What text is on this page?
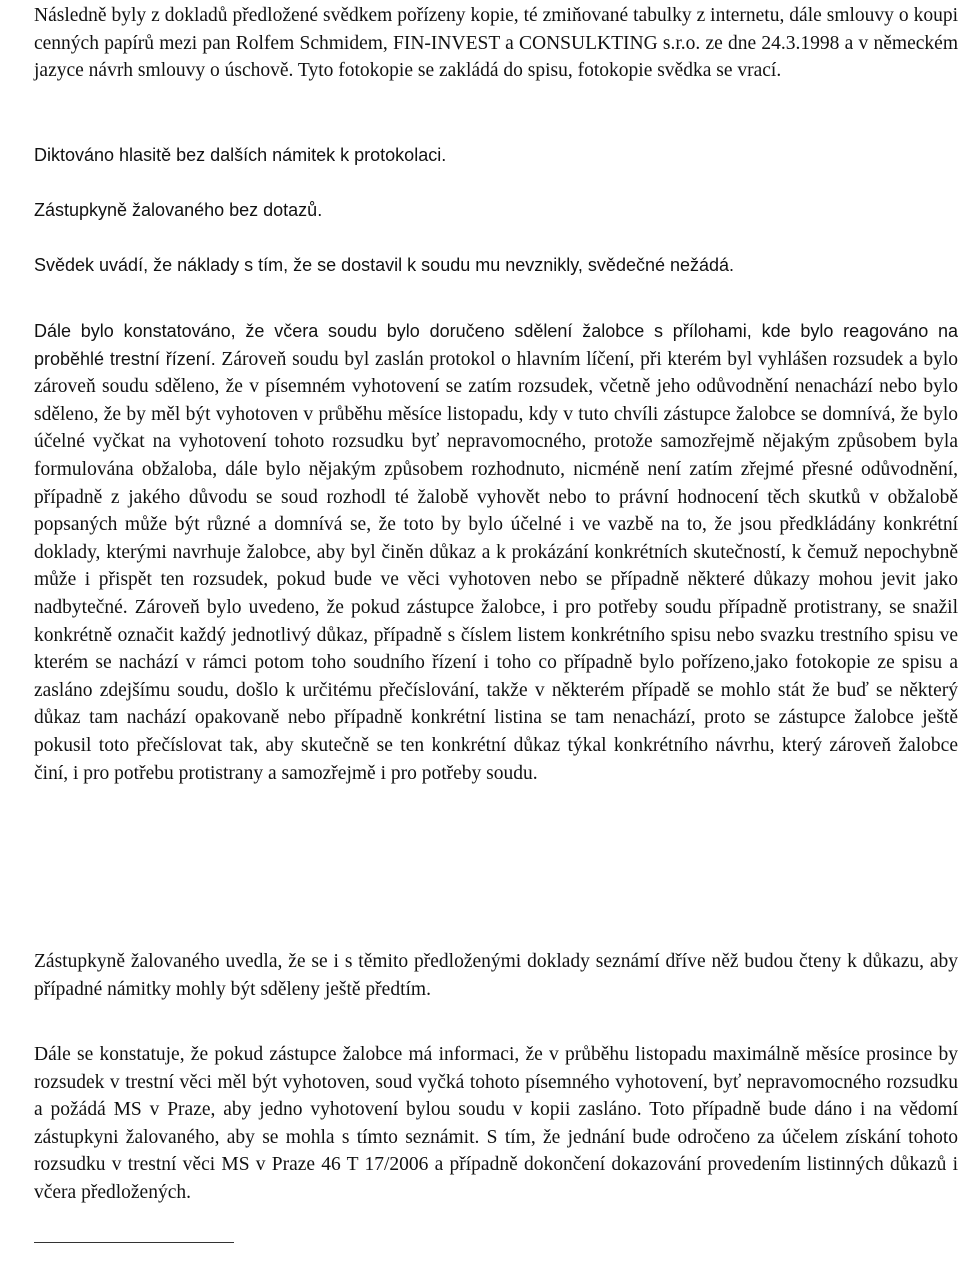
Následně byly z dokladů předložené svědkem pořízeny kopie, té zmiňované tabulky z internetu, dále smlouvy o koupi cenných papírů mezi pan Rolfem Schmidem, FIN-INVEST a CONSULKTING s.r.o. ze dne 24.3.1998 a v německém jazyce návrh smlouvy o úschově. Tyto fotokopie se zakládá do spisu, fotokopie svědka se vrací.

Diktováno hlasitě bez dalších námitek k protokolaci.

Zástupkyně žalovaného bez dotazů.

Svědek uvádí, že náklady s tím, že se dostavil k soudu mu nevznikly, svědečné nežádá.

Dále bylo konstatováno, že včera soudu bylo doručeno sdělení žalobce s přílohami, kde bylo reagováno na proběhlé trestní řízení. Zároveň soudu byl zaslán protokol o hlavním líčení, při kterém byl vyhlášen rozsudek a bylo zároveň soudu sděleno, že v písemném vyhotovení se zatím rozsudek, včetně jeho odůvodnění nenachází nebo bylo sděleno, že by měl být vyhotoven v průběhu měsíce listopadu, kdy v tuto chvíli zástupce žalobce se domnívá, že bylo účelné vyčkat na vyhotovení tohoto rozsudku byť nepravomocného, protože samozřejmě nějakým způsobem byla formulována obžaloba, dále bylo nějakým způsobem rozhodnuto, nicméně není zatím zřejmé přesné odůvodnění, případně z jakého důvodu se soud rozhodl té žalobě vyhovět nebo to právní hodnocení těch skutků v obžalobě popsaných může být různé a domnívá se, že toto by bylo účelné i ve vazbě na to, že jsou předkládány konkrétní doklady, kterými navrhuje žalobce, aby byl činěn důkaz a k prokázání konkrétních skutečností, k čemuž nepochybně může i přispět ten rozsudek, pokud bude ve věci vyhotoven nebo se případně některé důkazy mohou jevit jako nadbytečné. Zároveň bylo uvedeno, že pokud zástupce žalobce, i pro potřeby soudu případně protistrany, se snažil konkrétně označit každý jednotlivý důkaz, případně s číslem listem konkrétního spisu nebo svazku trestního spisu ve kterém se nachází v rámci potom toho soudního řízení i toho co případně bylo pořízeno,jako fotokopie ze spisu a zasláno zdejšímu soudu, došlo k určitému přečíslování, takže v některém případě se mohlo stát že buď se některý důkaz tam nachází opakovaně nebo případně konkrétní listina se tam nenachází, proto se zástupce žalobce ještě pokusil toto přečíslovat tak, aby skutečně se ten konkrétní důkaz týkal konkrétního návrhu, který zároveň žalobce činí, i pro potřebu protistrany a samozřejmě i pro potřeby soudu.

Zástupkyně žalovaného uvedla, že se i s těmito předloženými doklady seznámí dříve něž budou čteny k důkazu, aby případné námitky mohly být sděleny ještě předtím.

Dále se konstatuje, že pokud zástupce žalobce má informaci, že v průběhu listopadu maximálně měsíce prosince by rozsudek v trestní věci měl být vyhotoven, soud vyčká tohoto písemného vyhotovení, byť nepravomocného rozsudku a požádá MS v Praze, aby jedno vyhotovení bylou soudu v kopii zasláno. Toto případně bude dáno i na vědomí zástupkyni žalovaného, aby se mohla s tímto seznámit. S tím, že jednání bude odročeno za účelem získání tohoto rozsudku v trestní věci MS v Praze 46 T 17/2006 a případně dokončení dokazování provedením listinných důkazů i včera předložených.
